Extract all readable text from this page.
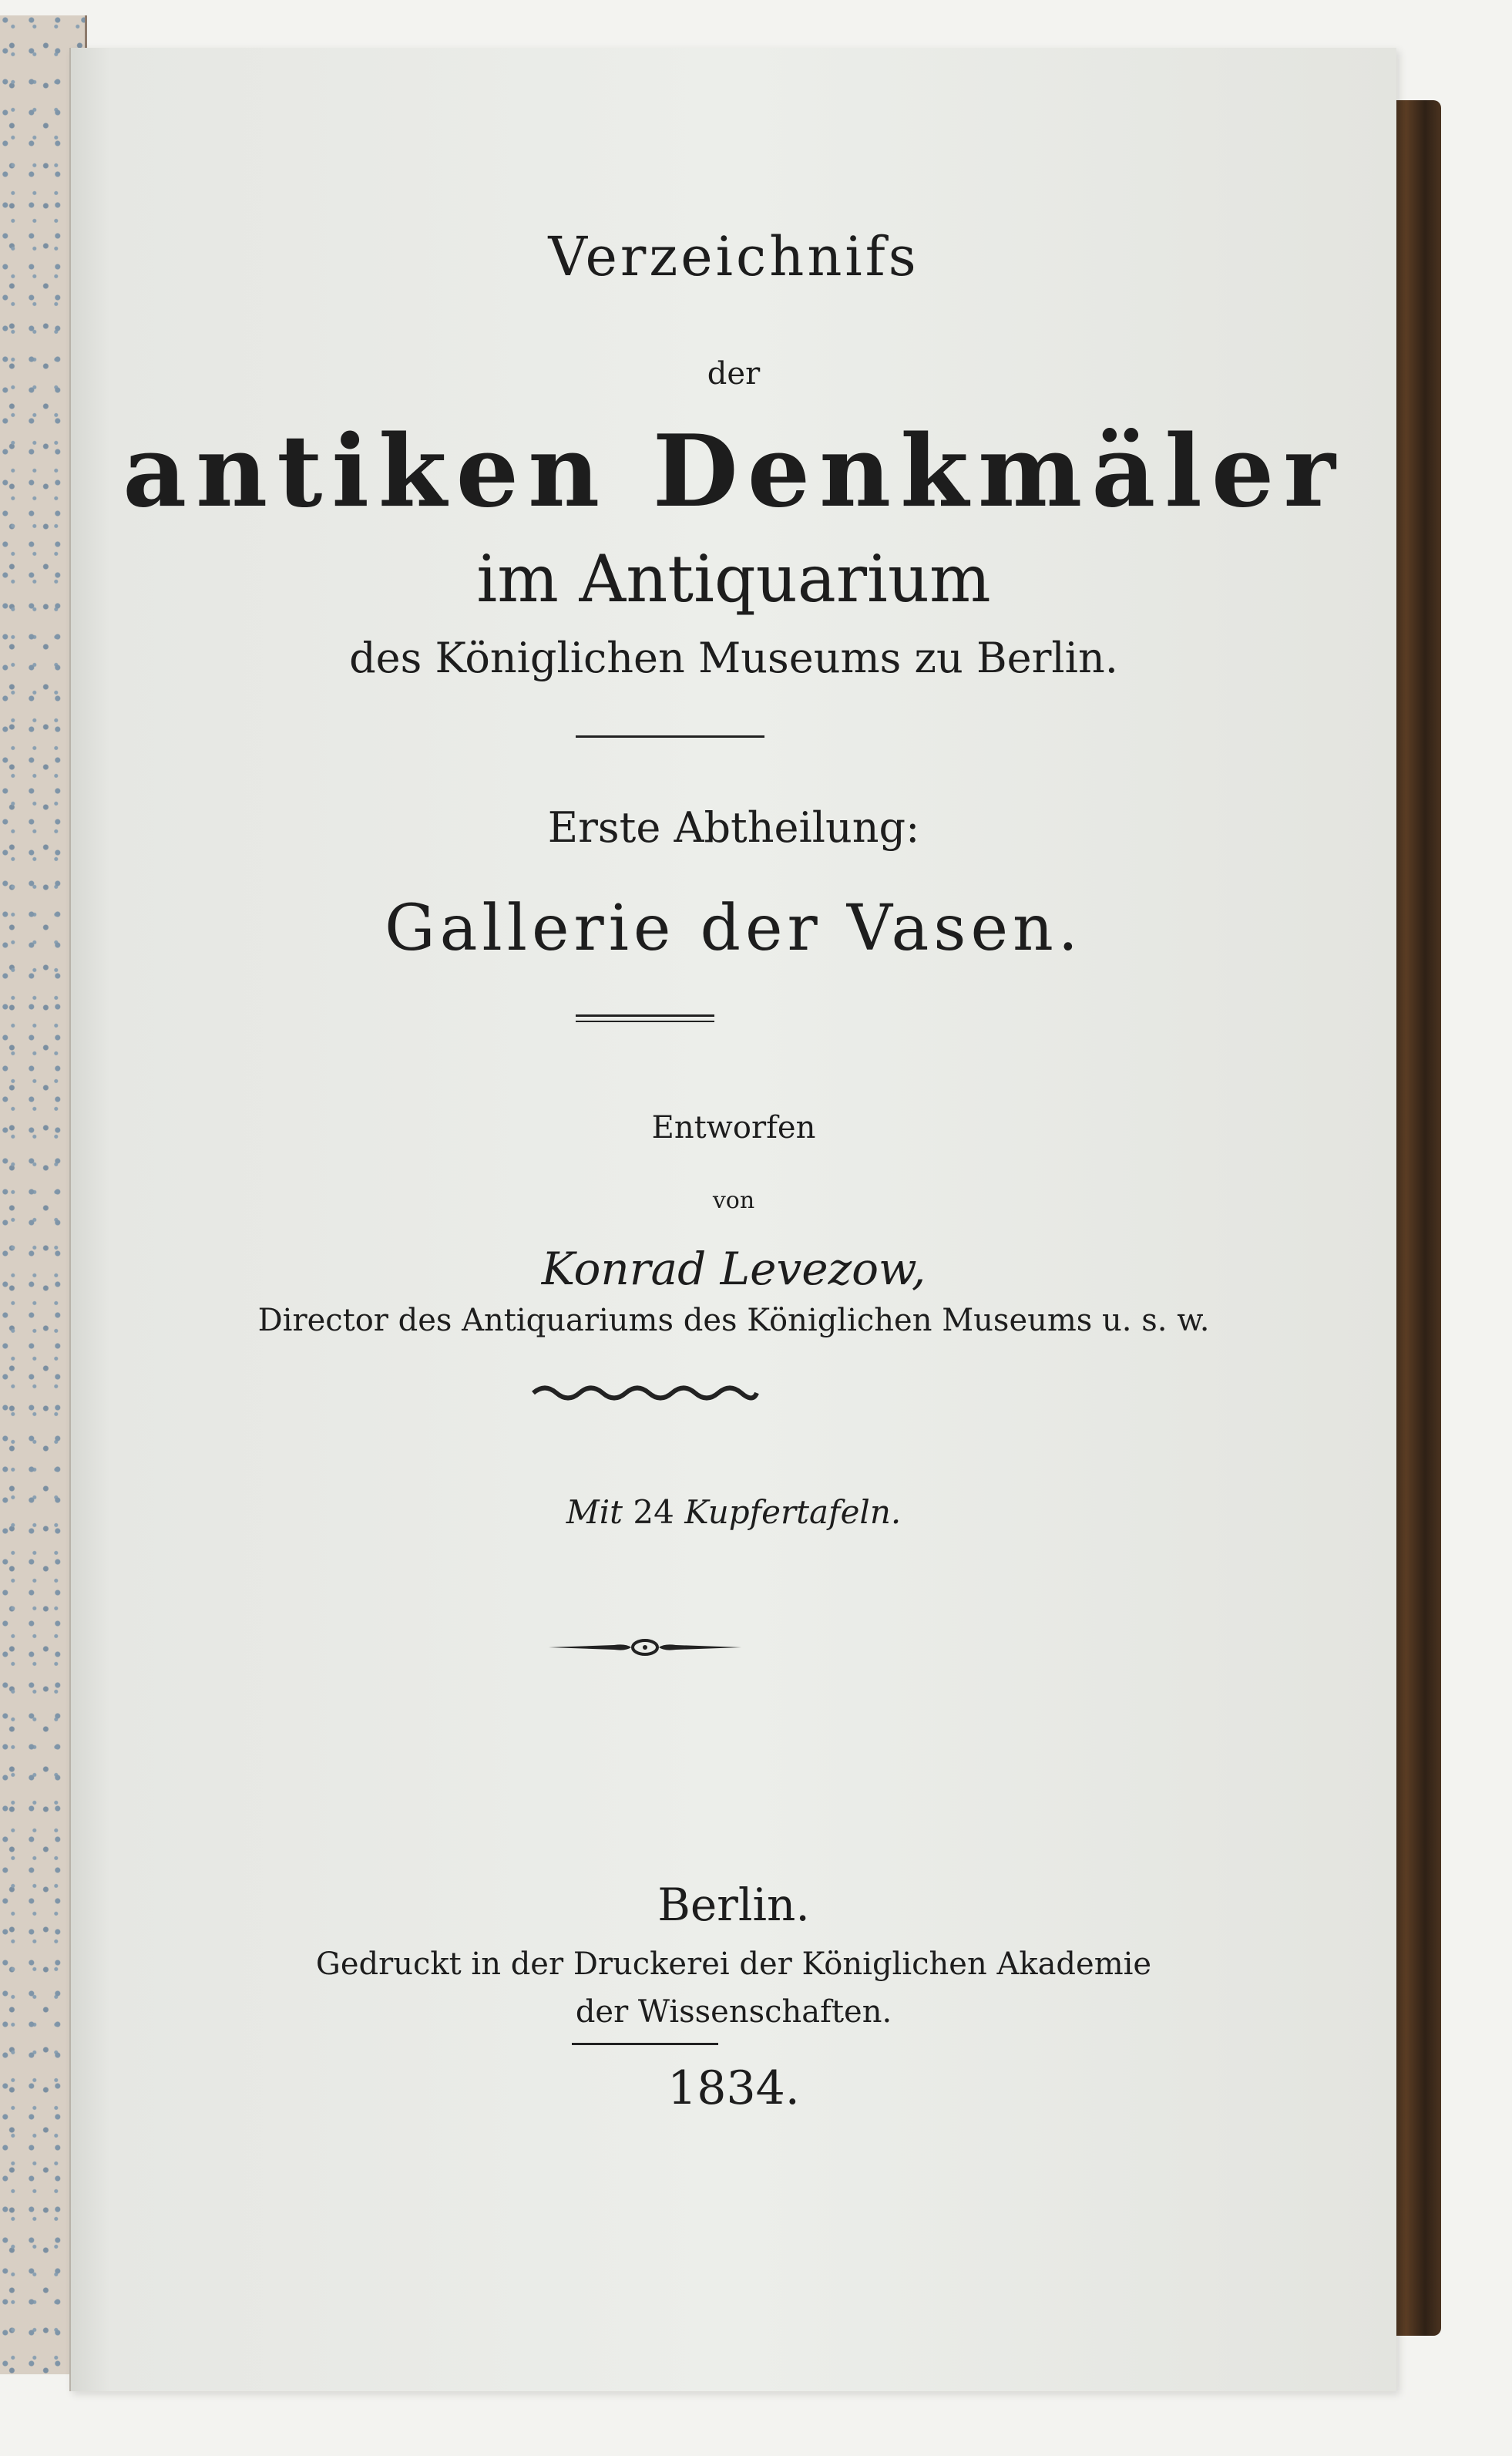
Verzeichnifs
der
antiken Denkmäler
im Antiquarium
des Königlichen Museums zu Berlin.
Erste Abtheilung:
Gallerie der Vasen.
Entworfen
von
Konrad Levezow,
Director des Antiquariums des Königlichen Museums u. s. w.
Mit 24 Kupfertafeln.
Berlin.
Gedruckt in der Druckerei der Königlichen Akademie
der Wissenschaften.
1834.
